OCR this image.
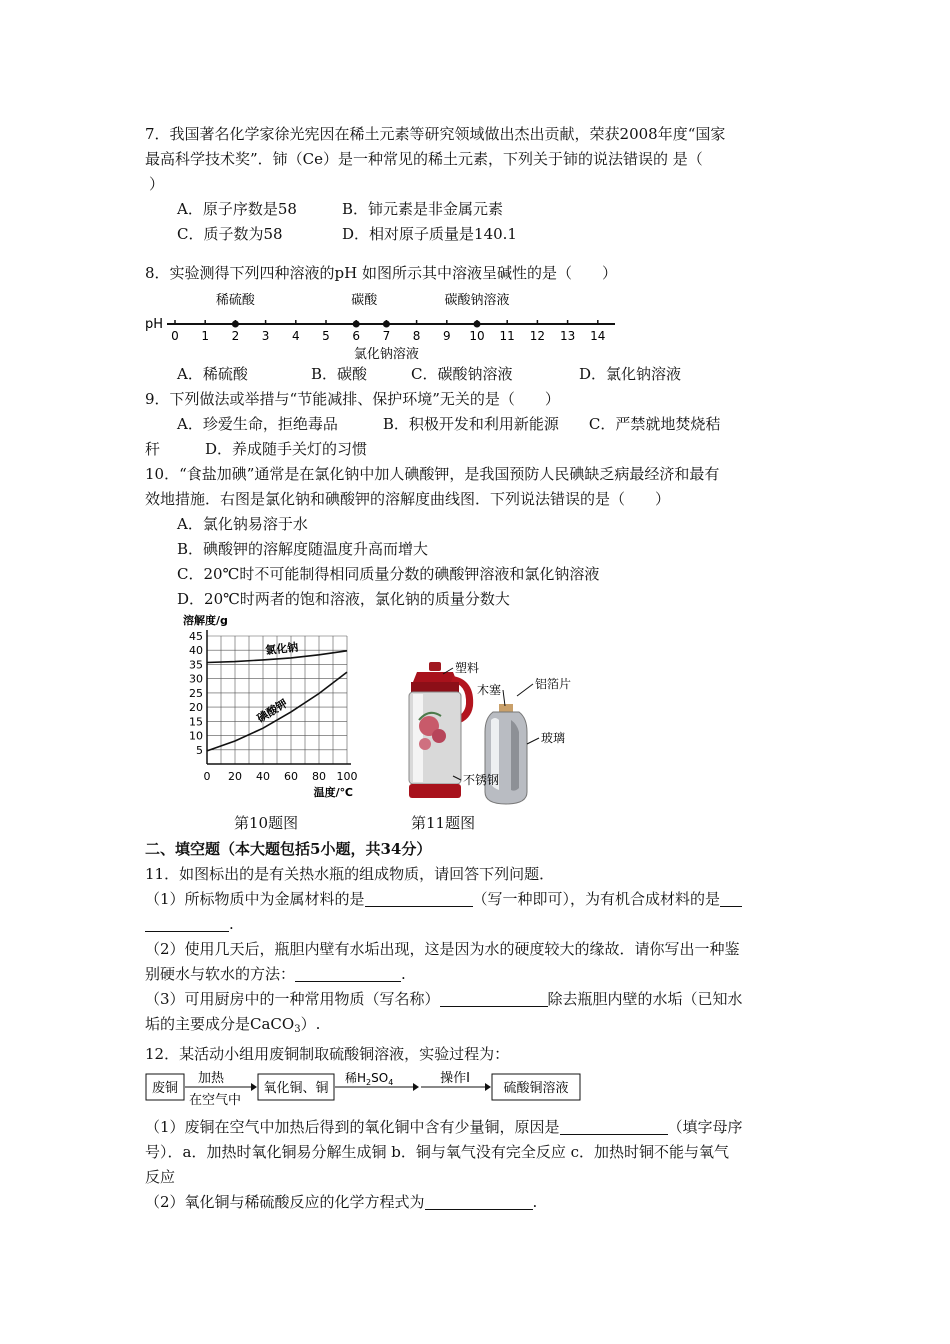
7．我国著名化学家徐光宪因在稀土元素等研究领域做出杰出贡献，荣获2008年度“国家
最高科学技术奖”．铈（Ce）是一种常见的稀土元素，下列关于铈的说法错误的 是（
）
A．原子序数是58	B．铈元素是非金属元素
C．质子数为58	D．相对原子质量是140.1
8．实验测得下列四种溶液的pH 如图所示其中溶液呈碱性的是（　　）
pH
0 1 2 3 4 5 6 7 8 9 10 11 12 13 14
稀硫酸	碳酸
氯化钠溶液
碳酸钠溶液
A．稀硫酸	B．碳酸	C．碳酸钠溶液	D．氯化钠溶液
9．下列做法或举措与“节能减排、保护环境”无关的是（　　）
A．珍爱生命，拒绝毒品　　　B．积极开发和利用新能源　　C．严禁就地焚烧秸
秆　　　D．养成随手关灯的习惯
10．“食盐加碘”通常是在氯化钠中加人碘酸钾，是我国预防人民碘缺乏病最经济和最有
效地措施．右图是氯化钠和碘酸钾的溶解度曲线图．下列说法错误的是（　　）
A．氯化钠易溶于水
B．碘酸钾的溶解度随温度升高而增大
C．20℃时不可能制得相同质量分数的碘酸钾溶液和氯化钠溶液
D．20℃时两者的饱和溶液，氯化钠的质量分数大
5
10
15
20
25
30
35
40
45
0 20 40 60 80 100
溶解度/g
温度/℃
氯化钠
碘酸钾
第10题图
塑料
木塞	铝箔片
玻璃
不锈钢
第11题图
二、填空题（本大题包括5小题，共34分）
11．如图标出的是有关热水瓶的组成物质，请回答下列问题．
（1）所标物质中为金属材料的是	（写一种即可），为有机合成材料的是
.
（2）使用几天后，瓶胆内壁有水垢出现，这是因为水的硬度较大的缘故．请你写出一种鉴
别硬水与软水的方法：	.
（3）可用厨房中的一种常用物质（写名称）	除去瓶胆内壁的水垢（已知水
垢的主要成分是CaCO$_3$）.
12．某活动小组用废铜制取硫酸铜溶液，实验过程为：
废铜
加热
在空气中
氧化铜、铜
稀$H_2SO_4$	操作I
硫酸铜溶液
（1）废铜在空气中加热后得到的氧化铜中含有少量铜，原因是	（填字母序
号）．a．加热时氧化铜易分解生成铜 b．铜与氧气没有完全反应 c．加热时铜不能与氧气
反应
（2）氧化铜与稀硫酸反应的化学方程式为	.
